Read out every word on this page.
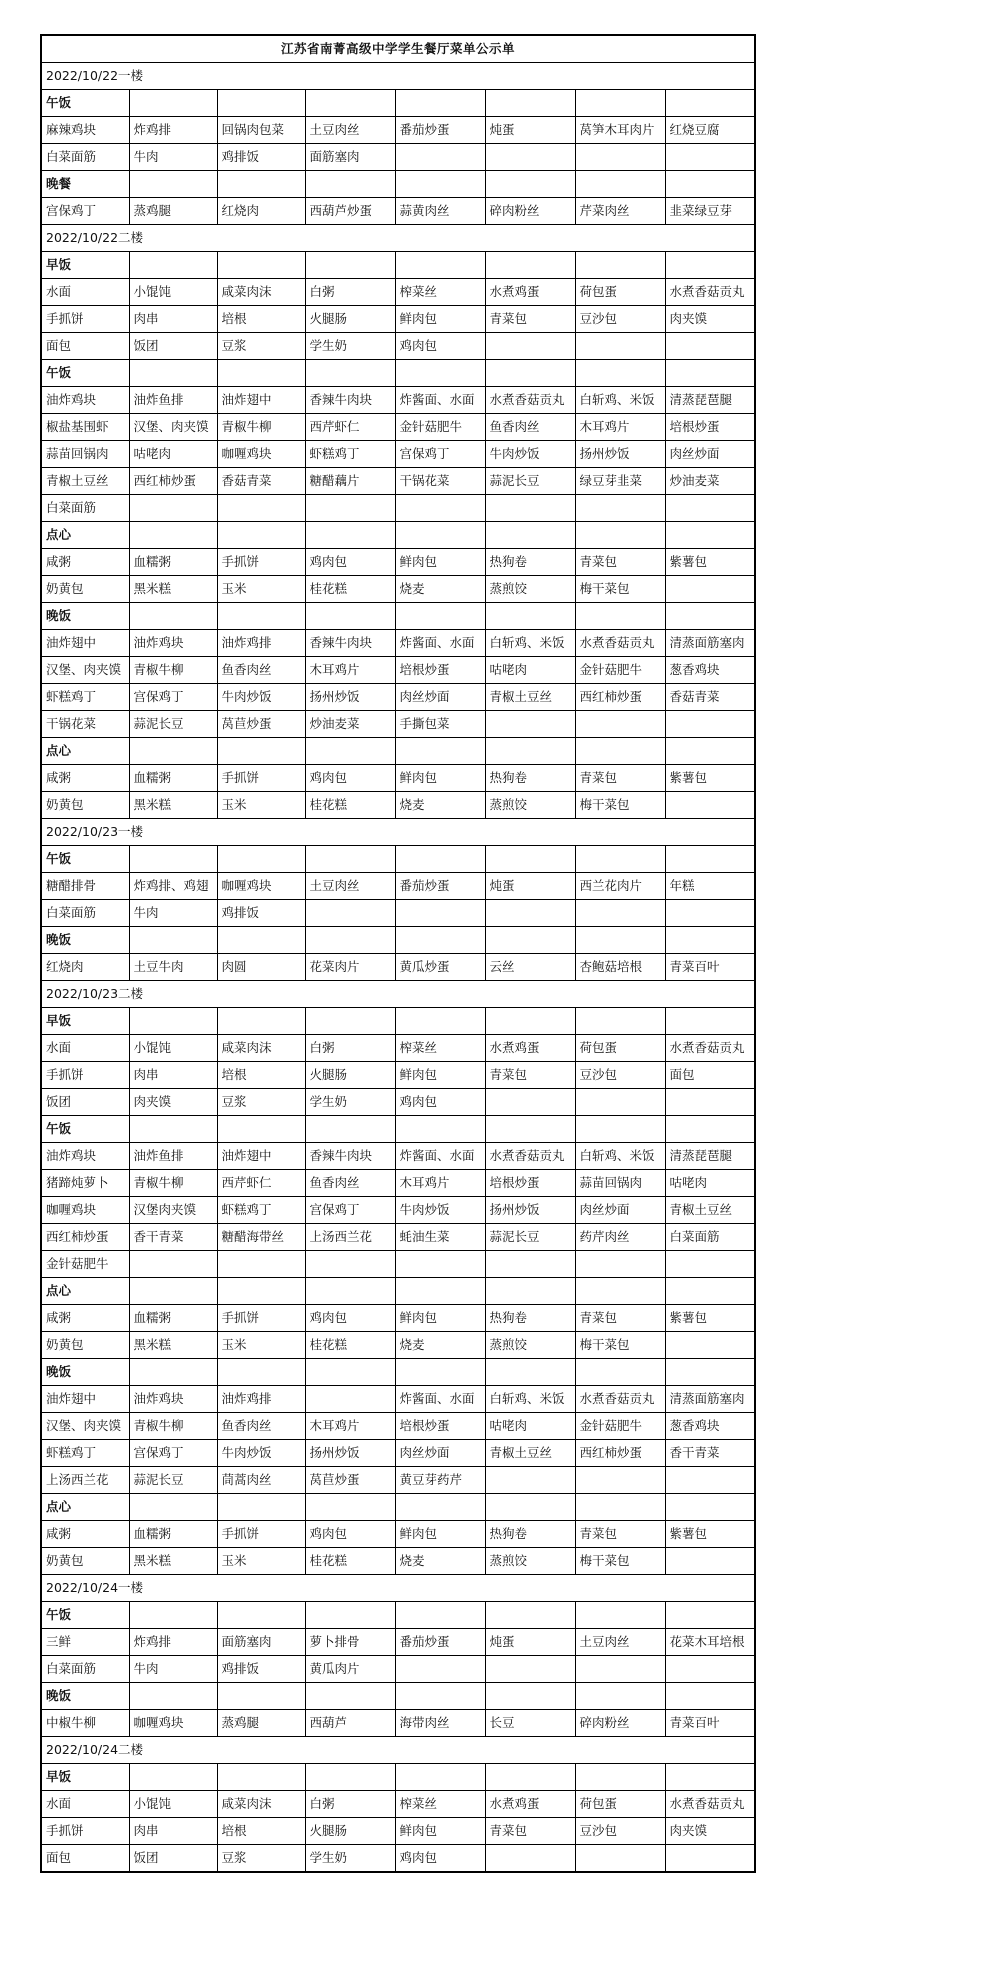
江苏省南菁高级中学学生餐厅菜单公示单							
2022/10/22一楼							
午饭							
麻辣鸡块	炸鸡排	回锅肉包菜	土豆肉丝	番茄炒蛋	炖蛋	莴笋木耳肉片	红烧豆腐
白菜面筋	牛肉	鸡排饭	面筋塞肉				
晚餐							
宫保鸡丁	蒸鸡腿	红烧肉	西葫芦炒蛋	蒜黄肉丝	碎肉粉丝	芹菜肉丝	韭菜绿豆芽
2022/10/22二楼							
早饭							
水面	小馄饨	咸菜肉沫	白粥	榨菜丝	水煮鸡蛋	荷包蛋	水煮香菇贡丸
手抓饼	肉串	培根	火腿肠	鲜肉包	青菜包	豆沙包	肉夹馍
面包	饭团	豆浆	学生奶	鸡肉包			
午饭							
油炸鸡块	油炸鱼排	油炸翅中	香辣牛肉块	炸酱面、水面	水煮香菇贡丸	白斩鸡、米饭	清蒸琵琶腿
椒盐基围虾	汉堡、肉夹馍	青椒牛柳	西芹虾仁	金针菇肥牛	鱼香肉丝	木耳鸡片	培根炒蛋
蒜苗回锅肉	咕咾肉	咖喱鸡块	虾糕鸡丁	宫保鸡丁	牛肉炒饭	扬州炒饭	肉丝炒面
青椒土豆丝	西红柿炒蛋	香菇青菜	糖醋藕片	干锅花菜	蒜泥长豆	绿豆芽韭菜	炒油麦菜
白菜面筋							
点心							
咸粥	血糯粥	手抓饼	鸡肉包	鲜肉包	热狗卷	青菜包	紫薯包
奶黄包	黑米糕	玉米	桂花糕	烧麦	蒸煎饺	梅干菜包	
晚饭							
油炸翅中	油炸鸡块	油炸鸡排	香辣牛肉块	炸酱面、水面	白斩鸡、米饭	水煮香菇贡丸	清蒸面筋塞肉
汉堡、肉夹馍	青椒牛柳	鱼香肉丝	木耳鸡片	培根炒蛋	咕咾肉	金针菇肥牛	葱香鸡块
虾糕鸡丁	宫保鸡丁	牛肉炒饭	扬州炒饭	肉丝炒面	青椒土豆丝	西红柿炒蛋	香菇青菜
干锅花菜	蒜泥长豆	莴苣炒蛋	炒油麦菜	手撕包菜			
点心							
咸粥	血糯粥	手抓饼	鸡肉包	鲜肉包	热狗卷	青菜包	紫薯包
奶黄包	黑米糕	玉米	桂花糕	烧麦	蒸煎饺	梅干菜包	
2022/10/23一楼							
午饭							
糖醋排骨	炸鸡排、鸡翅	咖喱鸡块	土豆肉丝	番茄炒蛋	炖蛋	西兰花肉片	年糕
白菜面筋	牛肉	鸡排饭					
晚饭							
红烧肉	土豆牛肉	肉圆	花菜肉片	黄瓜炒蛋	云丝	杏鲍菇培根	青菜百叶
2022/10/23二楼							
早饭							
水面	小馄饨	咸菜肉沫	白粥	榨菜丝	水煮鸡蛋	荷包蛋	水煮香菇贡丸
手抓饼	肉串	培根	火腿肠	鲜肉包	青菜包	豆沙包	面包
饭团	肉夹馍	豆浆	学生奶	鸡肉包			
午饭							
油炸鸡块	油炸鱼排	油炸翅中	香辣牛肉块	炸酱面、水面	水煮香菇贡丸	白斩鸡、米饭	清蒸琵琶腿
猪蹄炖萝卜	青椒牛柳	西芹虾仁	鱼香肉丝	木耳鸡片	培根炒蛋	蒜苗回锅肉	咕咾肉
咖喱鸡块	汉堡肉夹馍	虾糕鸡丁	宫保鸡丁	牛肉炒饭	扬州炒饭	肉丝炒面	青椒土豆丝
西红柿炒蛋	香干青菜	糖醋海带丝	上汤西兰花	蚝油生菜	蒜泥长豆	药芹肉丝	白菜面筋
金针菇肥牛							
点心							
咸粥	血糯粥	手抓饼	鸡肉包	鲜肉包	热狗卷	青菜包	紫薯包
奶黄包	黑米糕	玉米	桂花糕	烧麦	蒸煎饺	梅干菜包	
晚饭							
油炸翅中	油炸鸡块	油炸鸡排		炸酱面、水面	白斩鸡、米饭	水煮香菇贡丸	清蒸面筋塞肉
汉堡、肉夹馍	青椒牛柳	鱼香肉丝	木耳鸡片	培根炒蛋	咕咾肉	金针菇肥牛	葱香鸡块
虾糕鸡丁	宫保鸡丁	牛肉炒饭	扬州炒饭	肉丝炒面	青椒土豆丝	西红柿炒蛋	香干青菜
上汤西兰花	蒜泥长豆	茼蒿肉丝	莴苣炒蛋	黄豆芽药芹			
点心							
咸粥	血糯粥	手抓饼	鸡肉包	鲜肉包	热狗卷	青菜包	紫薯包
奶黄包	黑米糕	玉米	桂花糕	烧麦	蒸煎饺	梅干菜包	
2022/10/24一楼							
午饭							
三鲜	炸鸡排	面筋塞肉	萝卜排骨	番茄炒蛋	炖蛋	土豆肉丝	花菜木耳培根
白菜面筋	牛肉	鸡排饭	黄瓜肉片				
晚饭							
中椒牛柳	咖喱鸡块	蒸鸡腿	西葫芦	海带肉丝	长豆	碎肉粉丝	青菜百叶
2022/10/24二楼							
早饭							
水面	小馄饨	咸菜肉沫	白粥	榨菜丝	水煮鸡蛋	荷包蛋	水煮香菇贡丸
手抓饼	肉串	培根	火腿肠	鲜肉包	青菜包	豆沙包	肉夹馍
面包	饭团	豆浆	学生奶	鸡肉包			
